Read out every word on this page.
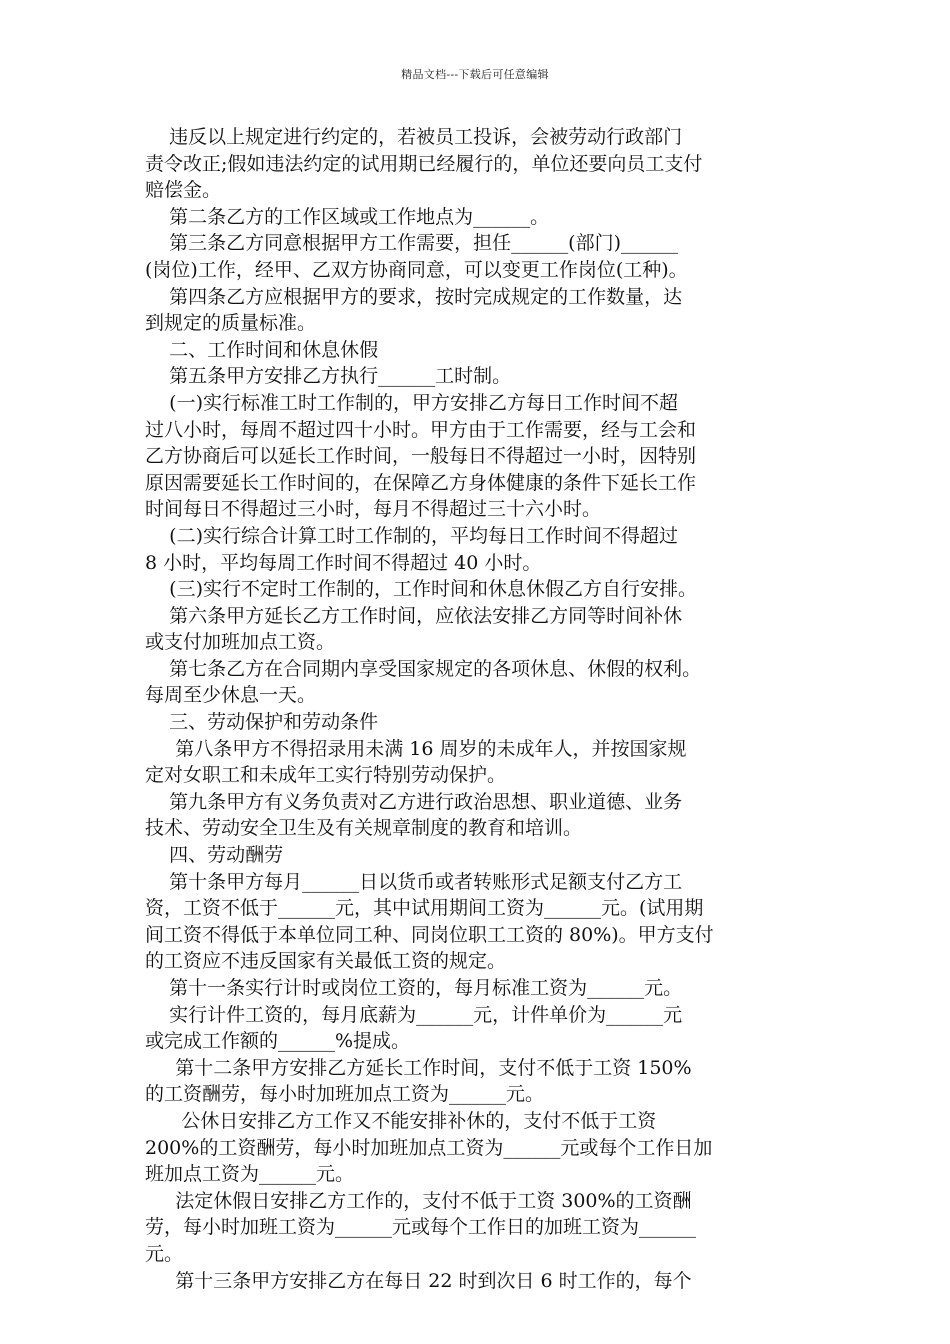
精品文档---下载后可任意编辑
违反以上规定进行约定的，若被员工投诉，会被劳动行政部门
责令改正;假如违法约定的试用期已经履行的，单位还要向员工支付
赔偿金。
第二条乙方的工作区域或工作地点为______。
第三条乙方同意根据甲方工作需要，担任______(部门)______
(岗位)工作，经甲、乙双方协商同意，可以变更工作岗位(工种)。
第四条乙方应根据甲方的要求，按时完成规定的工作数量，达
到规定的质量标准。
二、工作时间和休息休假
第五条甲方安排乙方执行______工时制。
(一)实行标准工时工作制的，甲方安排乙方每日工作时间不超
过八小时，每周不超过四十小时。甲方由于工作需要，经与工会和
乙方协商后可以延长工作时间，一般每日不得超过一小时，因特别
原因需要延长工作时间的，在保障乙方身体健康的条件下延长工作
时间每日不得超过三小时，每月不得超过三十六小时。
(二)实行综合计算工时工作制的，平均每日工作时间不得超过
8 小时，平均每周工作时间不得超过 40 小时。
(三)实行不定时工作制的，工作时间和休息休假乙方自行安排。
第六条甲方延长乙方工作时间，应依法安排乙方同等时间补休
或支付加班加点工资。
第七条乙方在合同期内享受国家规定的各项休息、休假的权利。
每周至少休息一天。
三、劳动保护和劳动条件
第八条甲方不得招录用未满 16 周岁的未成年人，并按国家规
定对女职工和未成年工实行特别劳动保护。
第九条甲方有义务负责对乙方进行政治思想、职业道德、业务
技术、劳动安全卫生及有关规章制度的教育和培训。
四、劳动酬劳
第十条甲方每月______日以货币或者转账形式足额支付乙方工
资，工资不低于______元，其中试用期间工资为______元。(试用期
间工资不得低于本单位同工种、同岗位职工工资的 80%)。甲方支付
的工资应不违反国家有关最低工资的规定。
第十一条实行计时或岗位工资的，每月标准工资为______元。
实行计件工资的，每月底薪为______元，计件单价为______元
或完成工作额的______%提成。
第十二条甲方安排乙方延长工作时间，支付不低于工资 150%
的工资酬劳，每小时加班加点工资为______元。
公休日安排乙方工作又不能安排补休的，支付不低于工资
200%的工资酬劳，每小时加班加点工资为______元或每个工作日加
班加点工资为______元。
法定休假日安排乙方工作的，支付不低于工资 300%的工资酬
劳，每小时加班工资为______元或每个工作日的加班工资为______
元。
第十三条甲方安排乙方在每日 22 时到次日 6 时工作的，每个
